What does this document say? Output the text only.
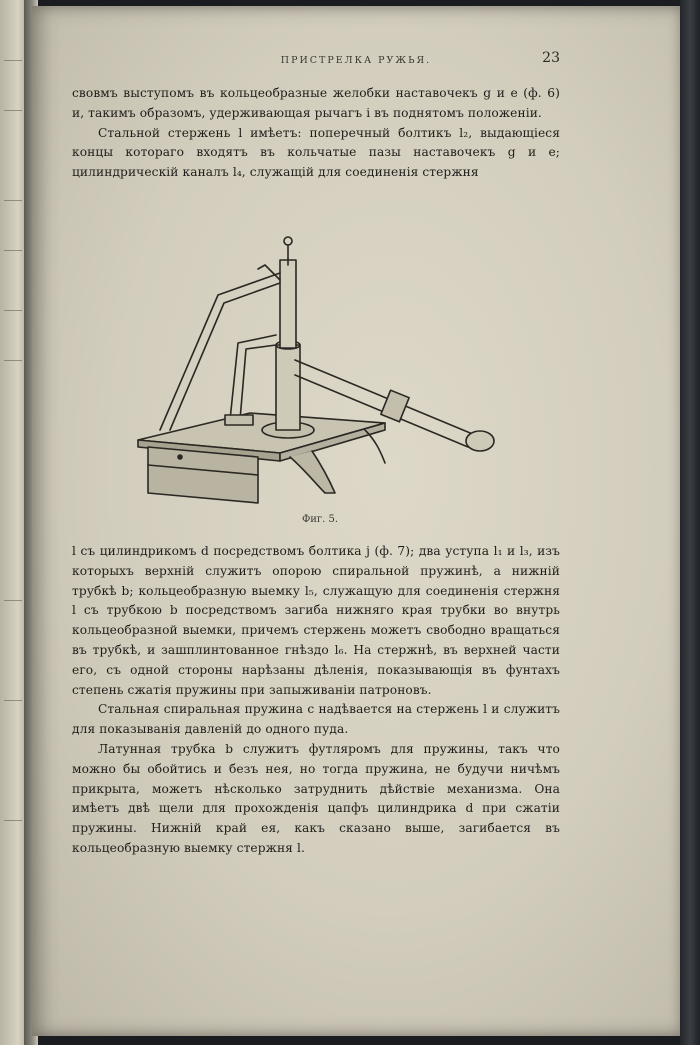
ПРИСТРЕЛКА РУЖЬЯ.	23

свовмъ выступомъ въ кольцеобразные желобки наставочекъ g и e (ф. 6) и, такимъ образомъ, удерживающая рычагъ i въ поднятомъ положеніи.

Стальной стержень l имѣетъ: поперечный болтикъ l₂, выдающіеся концы котораго входятъ въ кольчатые пазы наставочекъ g и e; цилиндрическій каналъ l₄, служащій для соединенія стержня

Фиг. 5.

l съ цилиндрикомъ d посредствомъ болтика j (ф. 7); два уступа l₁ и l₃, изъ которыхъ верхній служитъ опорою спиральной пружинѣ, а нижній трубкѣ b; кольцеобразную выемку l₅, служащую для соединенія стержня l съ трубкою b посредствомъ загиба нижняго края трубки во внутрь кольцеобразной выемки, причемъ стержень можетъ свободно вращаться въ трубкѣ, и зашплинтованное гнѣздо l₆. На стержнѣ, въ верхней части его, съ одной стороны нарѣзаны дѣленія, показывающія въ фунтахъ степень сжатія пружины при запыживаніи патроновъ.

Стальная спиральная пружина c надѣвается на стержень l и служитъ для показыванія давленій до одного пуда.

Латунная трубка b служитъ футляромъ для пружины, такъ что можно бы обойтись и безъ нея, но тогда пружина, не будучи ничѣмъ прикрыта, можетъ нѣсколько затруднить дѣйствіе механизма. Она имѣетъ двѣ щели для прохожденія цапфъ цилиндрика d при сжатіи пружины. Нижній край ея, какъ сказано выше, загибается въ кольцеобразную выемку стержня l.
